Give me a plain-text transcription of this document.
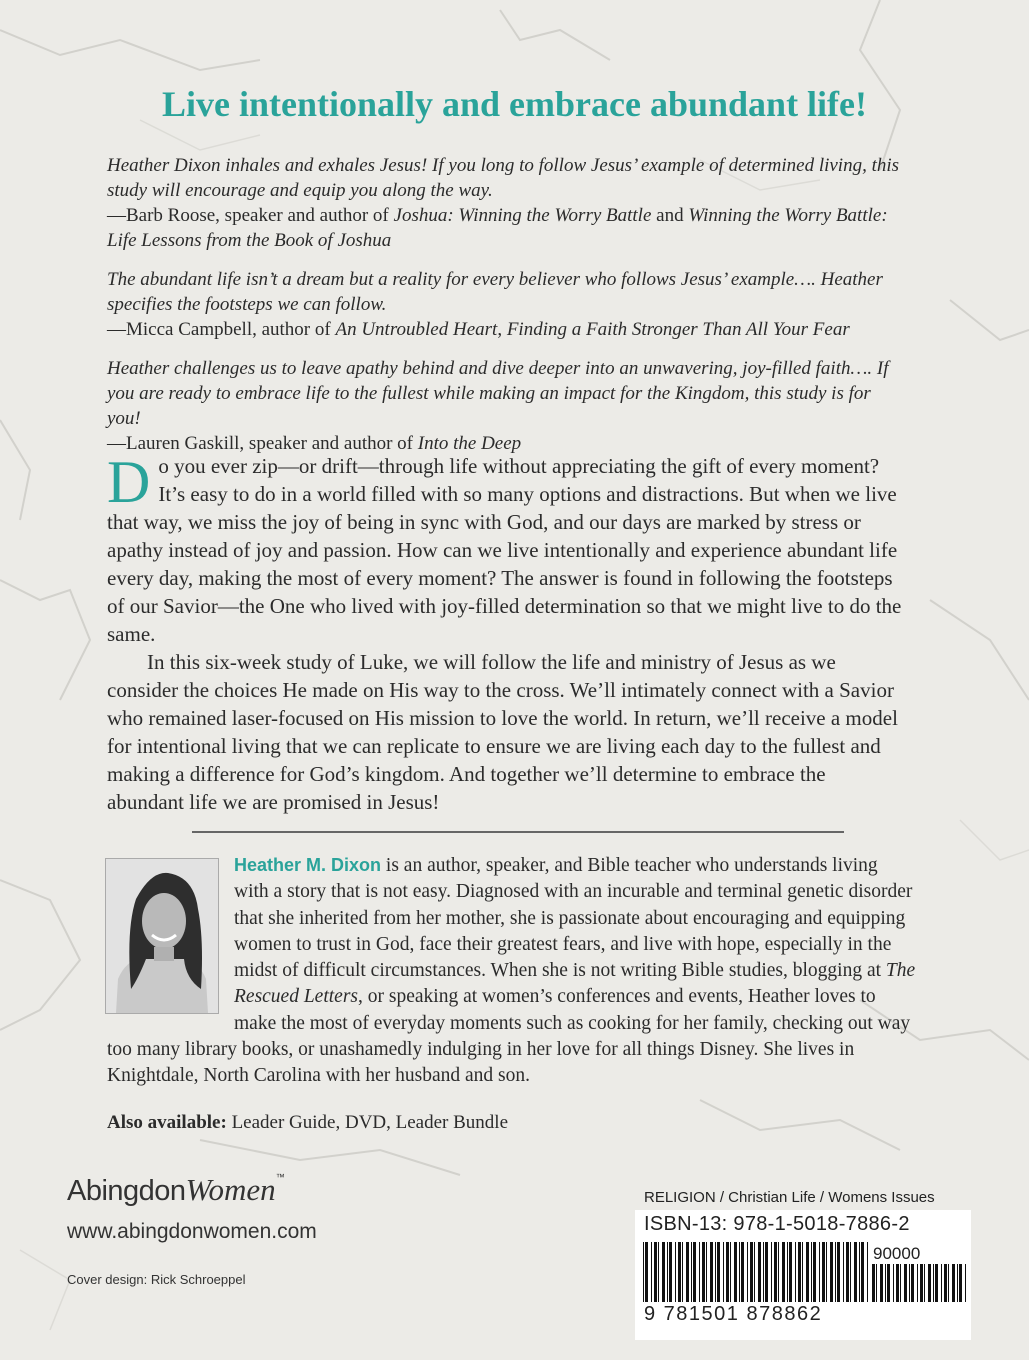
Live intentionally and embrace abundant life!
Heather Dixon inhales and exhales Jesus! If you long to follow Jesus’ example of determined living, this study will encourage and equip you along the way.
—Barb Roose, speaker and author of Joshua: Winning the Worry Battle and Winning the Worry Battle: Life Lessons from the Book of Joshua
The abundant life isn’t a dream but a reality for every believer who follows Jesus’ example…. Heather specifies the footsteps we can follow.
—Micca Campbell, author of An Untroubled Heart, Finding a Faith Stronger Than All Your Fear
Heather challenges us to leave apathy behind and dive deeper into an unwavering, joy-filled faith…. If you are ready to embrace life to the fullest while making an impact for the Kingdom, this study is for you!
—Lauren Gaskill, speaker and author of Into the Deep

Do you ever zip—or drift—through life without appreciating the gift of every moment? It’s easy to do in a world filled with so many options and distractions. But when we live that way, we miss the joy of being in sync with God, and our days are marked by stress or apathy instead of joy and passion. How can we live intentionally and experience abundant life every day, making the most of every moment? The answer is found in following the footsteps of our Savior—the One who lived with joy-filled determination so that we might live to do the same.

In this six-week study of Luke, we will follow the life and ministry of Jesus as we consider the choices He made on His way to the cross. We’ll intimately connect with a Savior who remained laser-focused on His mission to love the world. In return, we’ll receive a model for intentional living that we can replicate to ensure we are living each day to the fullest and making a difference for God’s kingdom. And together we’ll determine to embrace the abundant life we are promised in Jesus!

Heather M. Dixon is an author, speaker, and Bible teacher who understands living with a story that is not easy. Diagnosed with an incurable and terminal genetic disorder that she inherited from her mother, she is passionate about encouraging and equipping women to trust in God, face their greatest fears, and live with hope, especially in the midst of difficult circumstances. When she is not writing Bible studies, blogging at The Rescued Letters, or speaking at women’s conferences and events, Heather loves to make the most of everyday moments such as cooking for her family, checking out way too many library books, or unashamedly indulging in her love for all things Disney. She lives in Knightdale, North Carolina with her husband and son.
Also available: Leader Guide, DVD, Leader Bundle
AbingdonWomen™
www.abingdonwomen.com
Cover design: Rick Schroeppel
RELIGION / Christian Life / Womens Issues
ISBN-13: 978-1-5018-7886-2
90000
9 781501 878862
